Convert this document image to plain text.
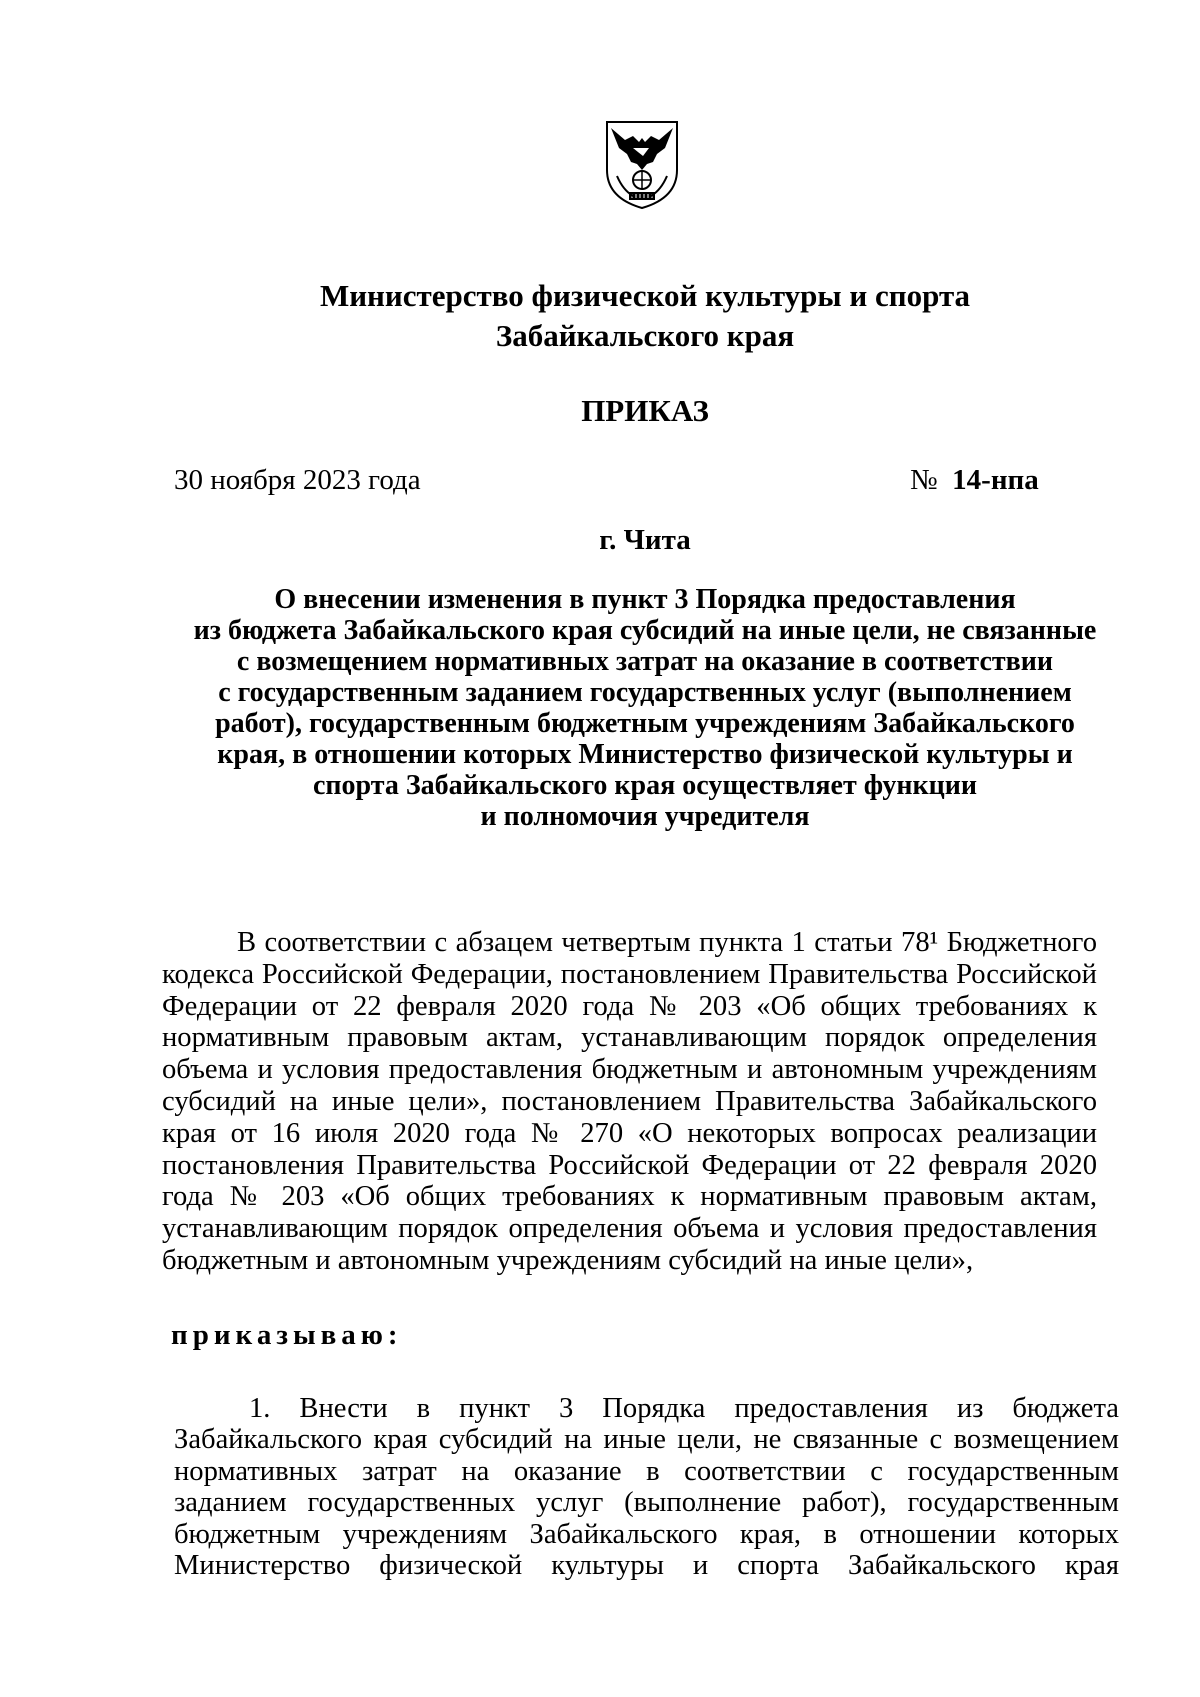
Министерство физической культуры и спорта
Забайкальского края
ПРИКАЗ
30 ноября 2023 года	№ 14-нпа
г. Чита
О внесении изменения в пункт 3 Порядка предоставления
из бюджета Забайкальского края субсидий на иные цели, не связанные
с возмещением нормативных затрат на оказание в соответствии
с государственным заданием государственных услуг (выполнением
работ), государственным бюджетным учреждениям Забайкальского
края, в отношении которых Министерство физической культуры и
спорта Забайкальского края осуществляет функции
и полномочия учредителя
В соответствии с абзацем четвертым пункта 1 статьи 78¹ Бюджетного
кодекса Российской Федерации, постановлением Правительства Российской
Федерации от 22 февраля 2020 года № 203 «Об общих требованиях к
нормативным правовым актам, устанавливающим порядок определения
объема и условия предоставления бюджетным и автономным учреждениям
субсидий на иные цели», постановлением Правительства Забайкальского
края от 16 июля 2020 года № 270 «О некоторых вопросах реализации
постановления Правительства Российской Федерации от 22 февраля 2020
года № 203 «Об общих требованиях к нормативным правовым актам,
устанавливающим порядок определения объема и условия предоставления
бюджетным и автономным учреждениям субсидий на иные цели»,
приказываю:
1. Внести в пункт 3 Порядка предоставления из бюджета
Забайкальского края субсидий на иные цели, не связанные с возмещением
нормативных затрат на оказание в соответствии с государственным
заданием государственных услуг (выполнение работ), государственным
бюджетным учреждениям Забайкальского края, в отношении которых
Министерство физической культуры и спорта Забайкальского края
